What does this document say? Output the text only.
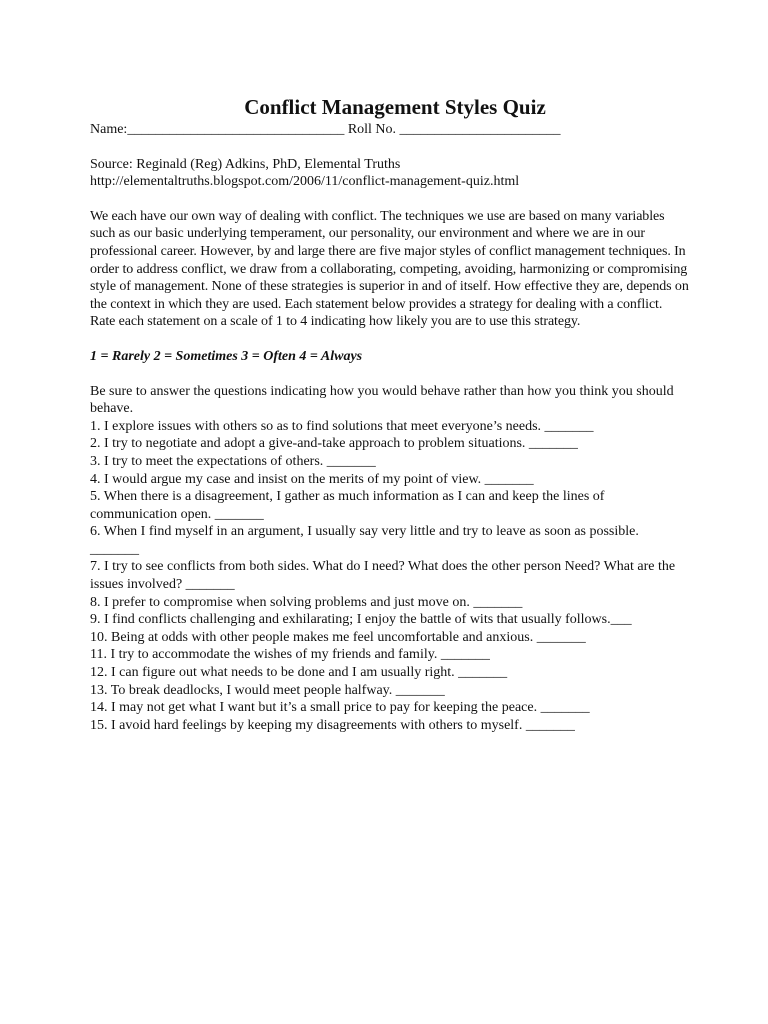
Conflict Management Styles Quiz
Name:_______________________________ Roll No. _______________________
Source: Reginald (Reg) Adkins, PhD, Elemental Truths
http://elementaltruths.blogspot.com/2006/11/conflict-management-quiz.html
We each have our own way of dealing with conflict. The techniques we use are based on many variables such as our basic underlying temperament, our personality, our environment and where we are in our professional career. However, by and large there are five major styles of conflict management techniques. In order to address conflict, we draw from a collaborating, competing, avoiding, harmonizing or compromising style of management. None of these strategies is superior in and of itself. How effective they are, depends on the context in which they are used. Each statement below provides a strategy for dealing with a conflict. Rate each statement on a scale of 1 to 4 indicating how likely you are to use this strategy.
1 = Rarely 2 = Sometimes 3 = Often 4 = Always
Be sure to answer the questions indicating how you would behave rather than how you think you should behave.
1. I explore issues with others so as to find solutions that meet everyone’s needs. _______
2. I try to negotiate and adopt a give-and-take approach to problem situations. _______
3. I try to meet the expectations of others. _______
4. I would argue my case and insist on the merits of my point of view. _______
5. When there is a disagreement, I gather as much information as I can and keep the lines of communication open. _______
6. When I find myself in an argument, I usually say very little and try to leave as soon as possible. _______
7. I try to see conflicts from both sides. What do I need? What does the other person Need? What are the issues involved? _______
8. I prefer to compromise when solving problems and just move on. _______
9. I find conflicts challenging and exhilarating; I enjoy the battle of wits that usually follows.___
10. Being at odds with other people makes me feel uncomfortable and anxious. _______
11. I try to accommodate the wishes of my friends and family. _______
12. I can figure out what needs to be done and I am usually right. _______
13. To break deadlocks, I would meet people halfway. _______
14. I may not get what I want but it’s a small price to pay for keeping the peace. _______
15. I avoid hard feelings by keeping my disagreements with others to myself. _______
